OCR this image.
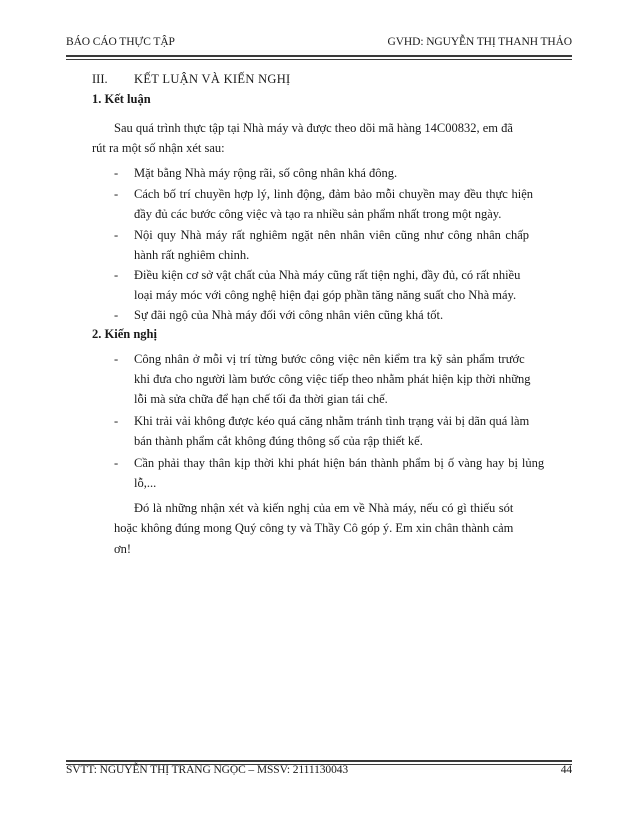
BÁO CÁO THỰC TẬP	GVHD: NGUYỄN THỊ THANH THẢO
III. KẾT LUẬN VÀ KIẾN NGHỊ
1. Kết luận
Sau quá trình thực tập tại Nhà máy và được theo dõi mã hàng 14C00832, em đã
rút ra một số nhận xét sau:
- Mặt bằng Nhà máy rộng rãi, số công nhân khá đông.
- Cách bố trí chuyền hợp lý, linh động, đảm bảo mỗi chuyền may đều thực hiện
đầy đủ các bước công việc và tạo ra nhiều sản phẩm nhất trong một ngày.
- Nội quy Nhà máy rất nghiêm ngặt nên nhân viên cũng như công nhân chấp
hành rất nghiêm chỉnh.
- Điều kiện cơ sở vật chất của Nhà máy cũng rất tiện nghi, đầy đủ, có rất nhiều
loại máy móc với công nghệ hiện đại góp phần tăng năng suất cho Nhà máy.
- Sự đãi ngộ của Nhà máy đối với công nhân viên cũng khá tốt.
2. Kiến nghị
- Công nhân ở mỗi vị trí từng bước công việc nên kiểm tra kỹ sản phẩm trước
khi đưa cho người làm bước công việc tiếp theo nhằm phát hiện kịp thời những
lỗi mà sửa chữa để hạn chế tối đa thời gian tái chế.
- Khi trải vải không được kéo quá căng nhằm tránh tình trạng vải bị dãn quá làm
bán thành phẩm cắt không đúng thông số của rập thiết kế.
- Cần phải thay thân kịp thời khi phát hiện bán thành phẩm bị ố vàng hay bị lủng
lỗ,...
Đó là những nhận xét và kiến nghị của em về Nhà máy, nếu có gì thiếu sót
hoặc không đúng mong Quý công ty và Thầy Cô góp ý. Em xin chân thành cảm
ơn!
SVTT: NGUYỄN THỊ TRANG NGỌC – MSSV: 2111130043	44
